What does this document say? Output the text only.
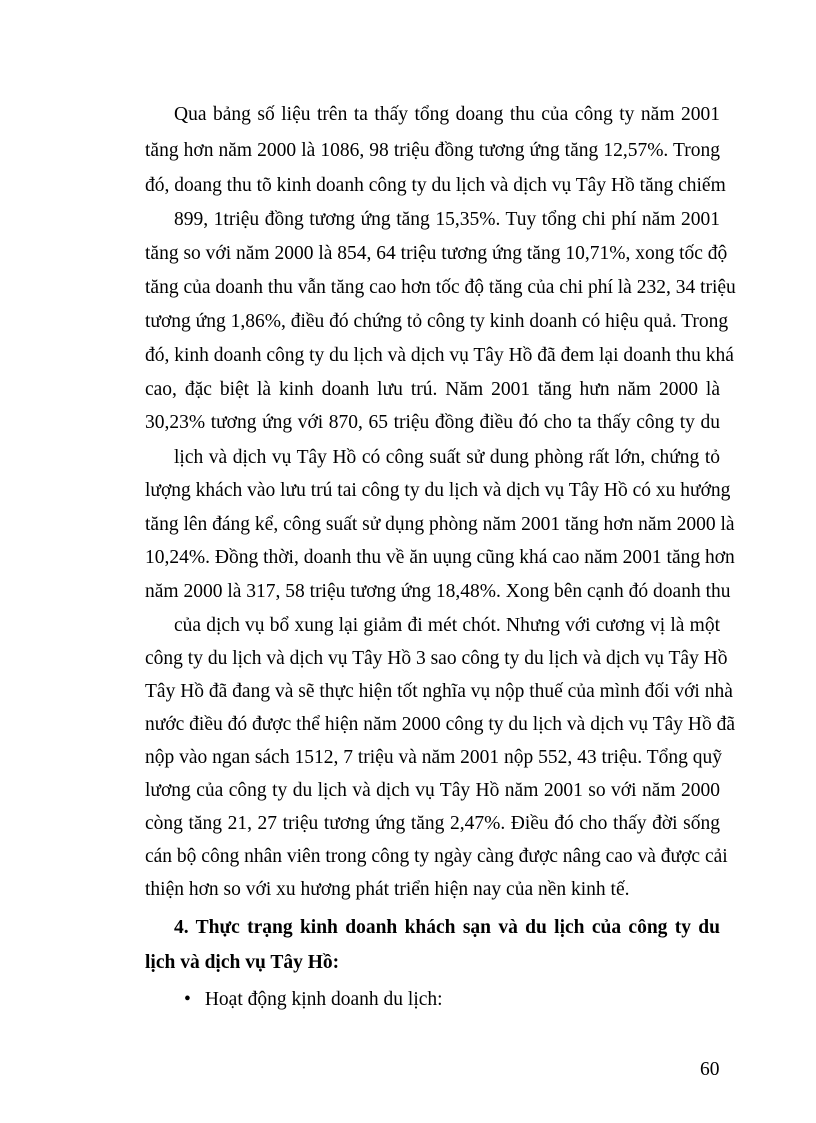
Qua bảng số liệu trên ta thấy tổng doang thu của công ty năm 2001
tăng hơn năm 2000 là 1086, 98 triệu đồng tương ứng tăng 12,57%. Trong
đó, doang thu tõ kinh doanh công ty du lịch và dịch vụ Tây Hồ tăng chiếm
899, 1triệu đồng tương ứng tăng 15,35%. Tuy tổng chi phí năm 2001
tăng so với năm 2000 là 854, 64 triệu tương ứng tăng 10,71%, xong tốc độ
tăng của doanh thu vẫn tăng cao hơn tốc độ tăng của chi phí là 232, 34 triệu
tương ứng 1,86%, điều đó chứng tỏ công ty kinh doanh có hiệu quả. Trong
đó, kinh doanh công ty du lịch và dịch vụ Tây Hồ đã đem lại doanh thu khá
cao, đặc biệt là kinh doanh lưu trú. Năm 2001 tăng hưn năm 2000 là
30,23% tương ứng với 870, 65 triệu đồng điều đó cho ta thấy công ty du
lịch và dịch vụ Tây Hồ có công suất sử dung phòng rất lớn, chứng tỏ
lượng khách vào lưu trú tai công ty du lịch và dịch vụ Tây Hồ có xu hướng
tăng lên đáng kể, công suất sử dụng phòng năm 2001 tăng hơn năm 2000 là
10,24%. Đồng thời, doanh thu về ăn uụng cũng khá cao năm 2001 tăng hơn
năm 2000 là 317, 58 triệu tương ứng 18,48%. Xong bên cạnh đó doanh thu
của dịch vụ bổ xung lại giảm đi mét chót. Nhưng với cương vị là một
công ty du lịch và dịch vụ Tây Hồ 3 sao công ty du lịch và dịch vụ Tây Hồ
Tây Hồ đã đang và sẽ thực hiện tốt nghĩa vụ nộp thuế của mình đối với nhà
nước điều đó được thể hiện năm 2000 công ty du lịch và dịch vụ Tây Hồ đã
nộp vào ngan sách 1512, 7 triệu và năm 2001 nộp 552, 43 triệu. Tổng quỹ
lương của công ty du lịch và dịch vụ Tây Hồ năm 2001 so với năm 2000
còng tăng 21, 27 triệu tương ứng tăng 2,47%. Điều đó cho thấy đời sống
cán bộ công nhân viên trong công ty ngày càng được nâng cao và được cải
thiện hơn so với xu hương phát triển hiện nay của nền kinh tế.
4. Thực trạng kinh doanh khách sạn và du lịch của công ty du
lịch và dịch vụ Tây Hồ:
• Hoạt động kịnh doanh du lịch:
60
